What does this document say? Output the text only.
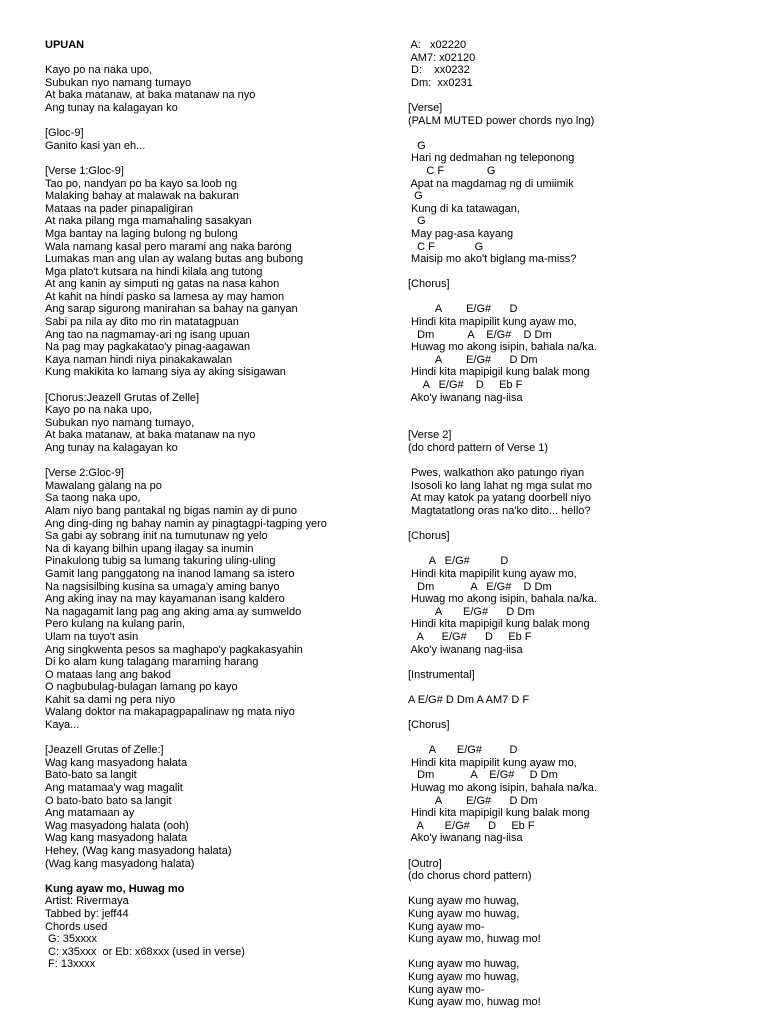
UPUAN
Kayo po na naka upo,
Subukan nyo namang tumayo
At baka matanaw, at baka matanaw na nyo
Ang tunay na kalagayan ko
[Gloc-9]
Ganito kasi yan eh...
[Verse 1:Gloc-9]
Tao po, nandyan po ba kayo sa loob ng
Malaking bahay at malawak na bakuran
Mataas na pader pinapaligiran
At naka pilang mga mamahaling sasakyan
Mga bantay na laging bulong ng bulong
Wala namang kasal pero marami ang naka barong
Lumakas man ang ulan ay walang butas ang bubong
Mga plato't kutsara na hindi kilala ang tutong
At ang kanin ay simputi ng gatas na nasa kahon
At kahit na hindi pasko sa lamesa ay may hamon
Ang sarap sigurong manirahan sa bahay na ganyan
Sabi pa nila ay dito mo rin matatagpuan
Ang tao na nagmamay-ari ng isang upuan
Na pag may pagkakatao'y pinag-aagawan
Kaya naman hindi niya pinakakawalan
Kung makikita ko lamang siya ay aking sisigawan
[Chorus:Jeazell Grutas of Zelle]
Kayo po na naka upo,
Subukan nyo namang tumayo,
At baka matanaw, at baka matanaw na nyo
Ang tunay na kalagayan ko
[Verse 2:Gloc-9]
Mawalang galang na po
Sa taong naka upo,
Alam niyo bang pantakal ng bigas namin ay di puno
Ang ding-ding ng bahay namin ay pinagtagpi-tagping yero
Sa gabi ay sobrang init na tumutunaw ng yelo
Na di kayang bilhin upang ilagay sa inumin
Pinakulong tubig sa lumang takuring uling-uling
Gamit lang panggatong na inanod lamang sa istero
Na nagsisilbing kusina sa umaga'y aming banyo
Ang aking inay na may kayamanan isang kaldero
Na nagagamit lang pag ang aking ama ay sumweldo
Pero kulang na kulang parin,
Ulam na tuyo't asin
Ang singkwenta pesos sa maghapo'y pagkakasyahin
Di ko alam kung talagang maraming harang
O mataas lang ang bakod
O nagbubulag-bulagan lamang po kayo
Kahit sa dami ng pera niyo
Walang doktor na makapagpapalinaw ng mata niyo
Kaya...
[Jeazell Grutas of Zelle:]
Wag kang masyadong halata
Bato-bato sa langit
Ang matamaa'y wag magalit
O bato-bato bato sa langit
Ang matamaan ay
Wag masyadong halata (ooh)
Wag kang masyadong halata
Hehey, (Wag kang masyadong halata)
(Wag kang masyadong halata)
Kung ayaw mo, Huwag mo
Artist: Rivermaya
Tabbed by: jeff44
Chords used
G: 35xxxx
C: x35xxx  or Eb: x68xxx (used in verse)
F: 13xxxx
A:   x02220
AM7: x02120
D:    xx0232
Dm:  xx0231
[Verse]
(PALM MUTED power chords nyo lng)
G
Hari ng dedmahan ng teleponong
C F              G
Apat na magdamag ng di umiimik
G
Kung di ka tatawagan,
G
May pag-asa kayang
C F             G
Maisip mo ako't biglang ma-miss?
[Chorus]
A        E/G#      D
Hindi kita mapipilit kung ayaw mo,
Dm           A    E/G#    D Dm
Huwag mo akong isipin, bahala na/ka.
A        E/G#      D Dm
Hindi kita mapipigil kung balak mong
A   E/G#    D     Eb F
Ako'y iwanang nag-iisa
[Verse 2]
(do chord pattern of Verse 1)
Pwes, walkathon ako patungo riyan
Isosoli ko lang lahat ng mga sulat mo
At may katok pa yatang doorbell niyo
Magtatatlong oras na'ko dito... hello?
[Chorus]
A   E/G#          D
Hindi kita mapipilit kung ayaw mo,
Dm            A   E/G#    D Dm
Huwag mo akong isipin, bahala na/ka.
A       E/G#      D Dm
Hindi kita mapipigil kung balak mong
A      E/G#      D     Eb F
Ako'y iwanang nag-iisa
[Instrumental]
A E/G# D Dm A AM7 D F
[Chorus]
A       E/G#         D
Hindi kita mapipilit kung ayaw mo,
Dm            A    E/G#     D Dm
Huwag mo akong isipin, bahala na/ka.
A        E/G#      D Dm
Hindi kita mapipigil kung balak mong
A       E/G#      D     Eb F
Ako'y iwanang nag-iisa
[Outro]
(do chorus chord pattern)
Kung ayaw mo huwag,
Kung ayaw mo huwag,
Kung ayaw mo-
Kung ayaw mo, huwag mo!
Kung ayaw mo huwag,
Kung ayaw mo huwag,
Kung ayaw mo-
Kung ayaw mo, huwag mo!
